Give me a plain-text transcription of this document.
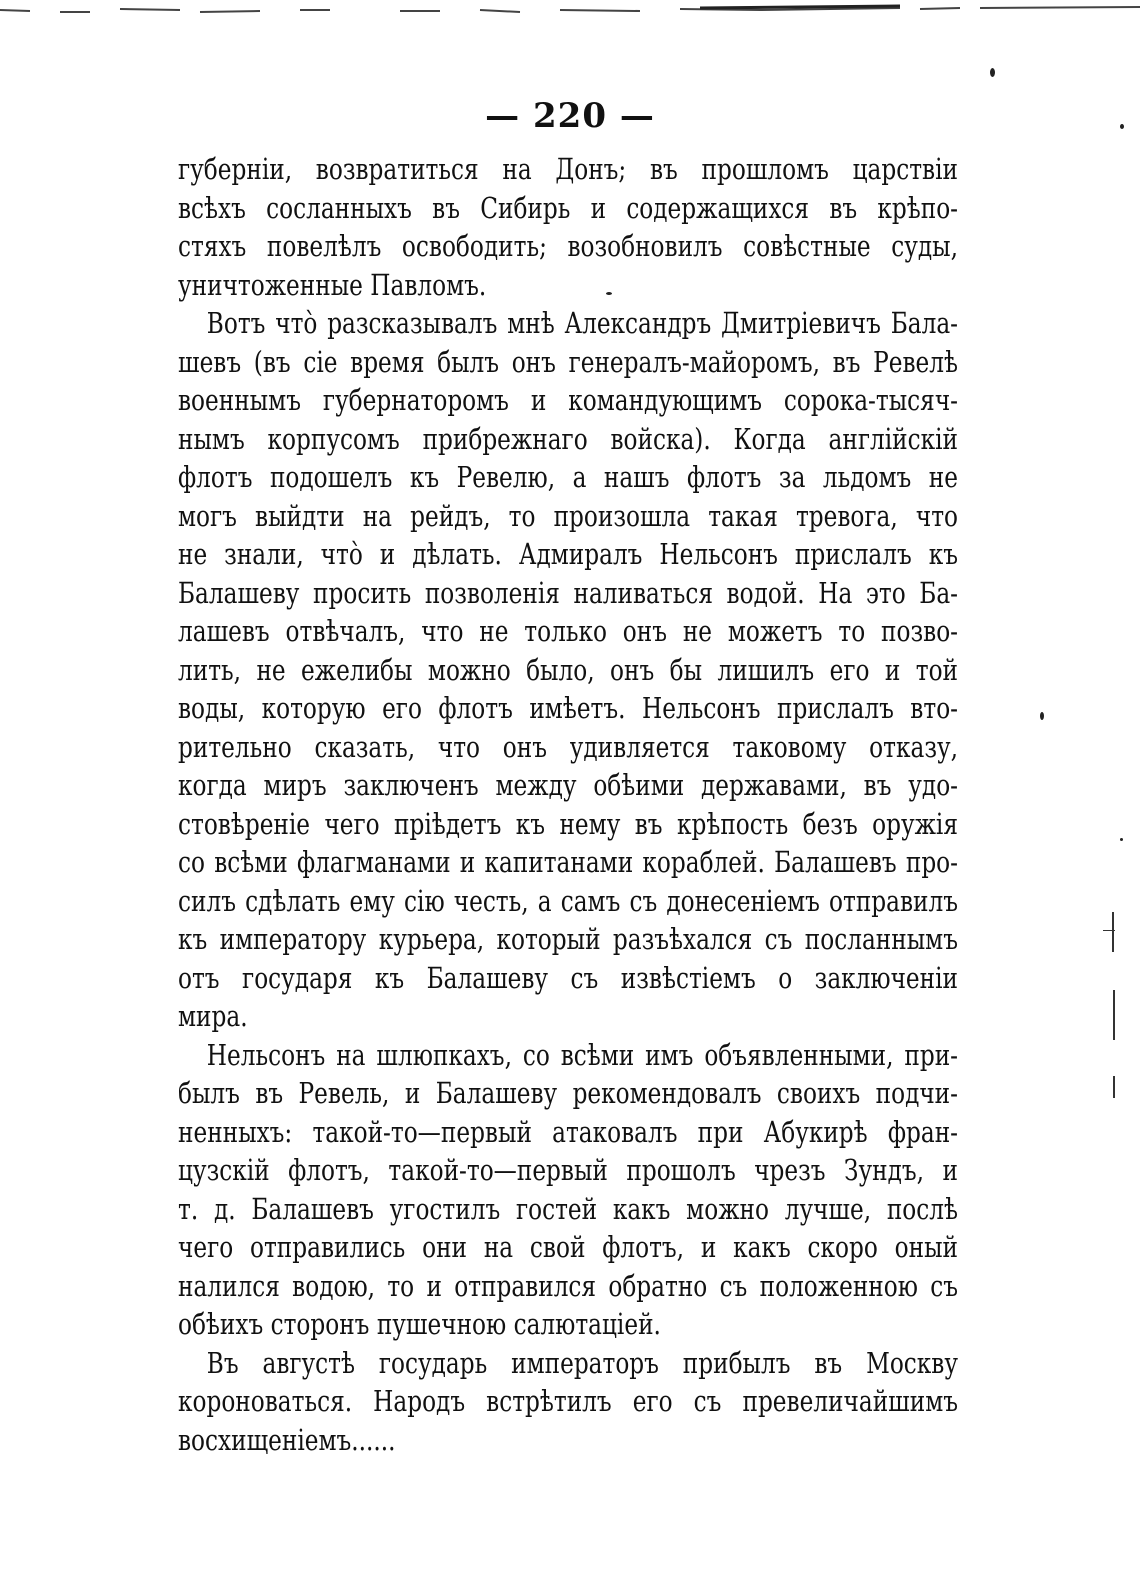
— 220 —
губерніи, возвратиться на Донъ; въ прошломъ царствіи
всѣхъ сосланныхъ въ Сибирь и содержащихся въ крѣпо-
стяхъ повелѣлъ освободить; возобновилъ совѣстные суды,
уничтоженные Павломъ.
Вотъ что̀ разсказывалъ мнѣ Александръ Дмитріевичъ Бала-
шевъ (въ сіе время былъ онъ генералъ-майоромъ, въ Ревелѣ
военнымъ губернаторомъ и командующимъ сорока-тысяч-
нымъ корпусомъ прибрежнаго войска). Когда англійскій
флотъ подошелъ къ Ревелю, а нашъ флотъ за льдомъ не
могъ выйдти на рейдъ, то произошла такая тревога, что
не знали, что̀ и дѣлать. Адмиралъ Нельсонъ прислалъ къ
Балашеву просить позволенія наливаться водой. На это Ба-
лашевъ отвѣчалъ, что не только онъ не можетъ то позво-
лить, не ежелибы можно было, онъ бы лишилъ его и той
воды, которую его флотъ имѣетъ. Нельсонъ прислалъ вто-
рительно сказать, что онъ удивляется таковому отказу,
когда миръ заключенъ между обѣими державами, въ удо-
стовѣреніе чего пріѣдетъ къ нему въ крѣпость безъ оружія
со всѣми флагманами и капитанами кораблей. Балашевъ про-
силъ сдѣлать ему сію честь, а самъ съ донесеніемъ отправилъ
къ императору курьера, который разъѣхался съ посланнымъ
отъ государя къ Балашеву съ извѣстіемъ о заключеніи
мира.
Нельсонъ на шлюпкахъ, со всѣми имъ объявленными, при-
былъ въ Ревель, и Балашеву рекомендовалъ своихъ подчи-
ненныхъ: такой-то—первый атаковалъ при Абукирѣ фран-
цузскій флотъ, такой-то—первый прошолъ чрезъ Зундъ, и
т. д. Балашевъ угостилъ гостей какъ можно лучше, послѣ
чего отправились они на свой флотъ, и какъ скоро оный
налился водою, то и отправился обратно съ положенною съ
обѣихъ сторонъ пушечною салютаціей.
Въ августѣ государь императоръ прибылъ въ Москву
короноваться. Народъ встрѣтилъ его съ превеличайшимъ
восхищеніемъ......
